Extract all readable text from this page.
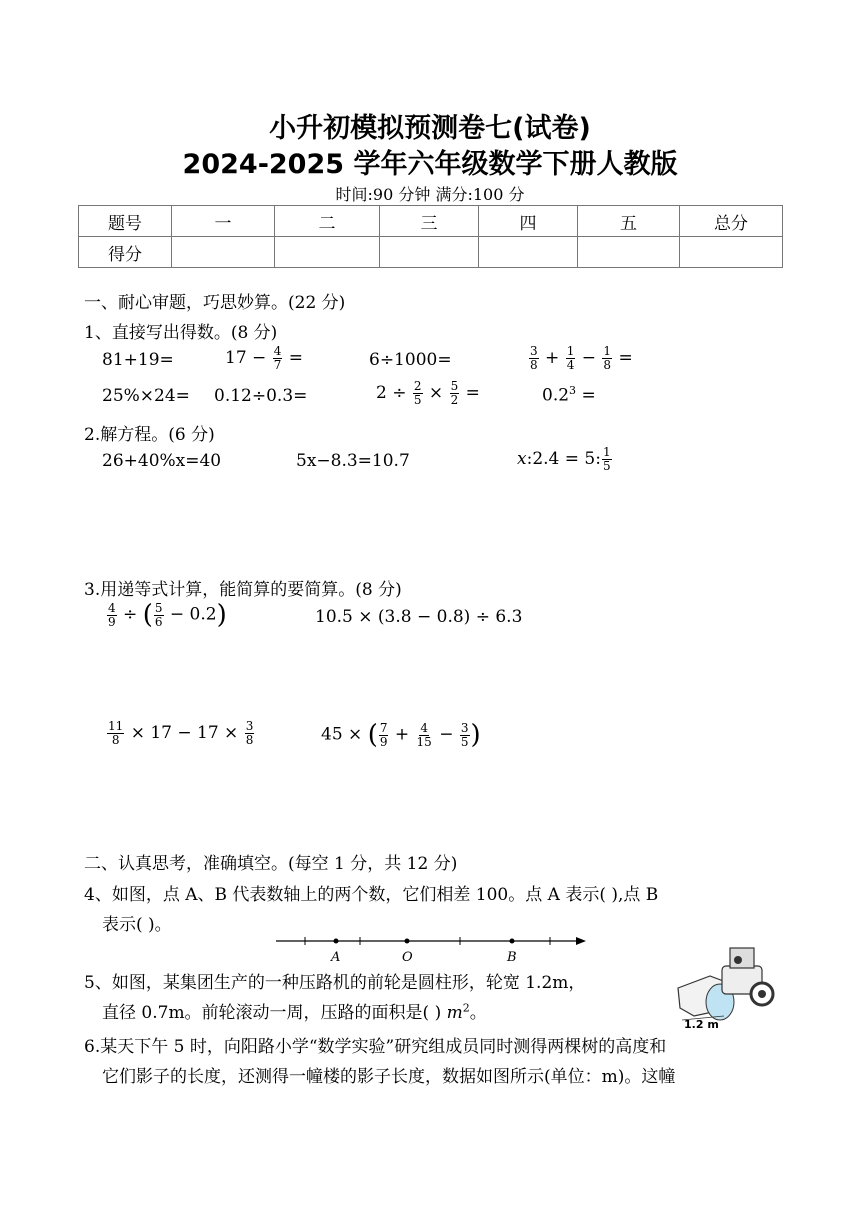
小升初模拟预测卷七(试卷)
2024-2025 学年六年级数学下册人教版
时间:90 分钟 满分:100 分
题号	一	二	三	四	五	总分
得分						
一、耐心审题，巧思妙算。(22 分)
1、直接写出得数。(8 分)
81+19=	$17 - \frac{4}{7}$ =	6÷1000=	$\frac{3}{8} + \frac{1}{4} - \frac{1}{8}$ =
25%×24= 0.12÷0.3=	$2 \div \frac{2}{5} \times \frac{5}{2}$ =	$0.2^3$ =
2.解方程。(6 分)
26+40%x=40	5x−8.3=10.7	x:2.4 = 5: $\frac{1}{5}$
3.用递等式计算，能简算的要简算。(8 分)
$\frac{4}{9}$ ÷ ( $\frac{5}{6} - 0.2$)	10.5 × (3.8 − 0.8) ÷ 6.3
$\frac{11}{8} \times 17 - 17 \times \frac{3}{8}$	45 × ( $\frac{7}{9} + \frac{4}{15} - \frac{3}{5}$ )
二、认真思考，准确填空。(每空 1 分，共 12 分)
4、如图，点 A、B 代表数轴上的两个数，它们相差 100。点 A 表示( ),点 B
表示( )。
A	O	B
5、如图，某集团生产的一种压路机的前轮是圆柱形，轮宽 1.2m，
直径 0.7m。前轮滚动一周，压路的面积是( ) $m^2$。
1.2 m
6.某天下午 5 时，向阳路小学“数学实验”研究组成员同时测得两棵树的高度和
它们影子的长度，还测得一幢楼的影子长度，数据如图所示(单位：m)。这幢
